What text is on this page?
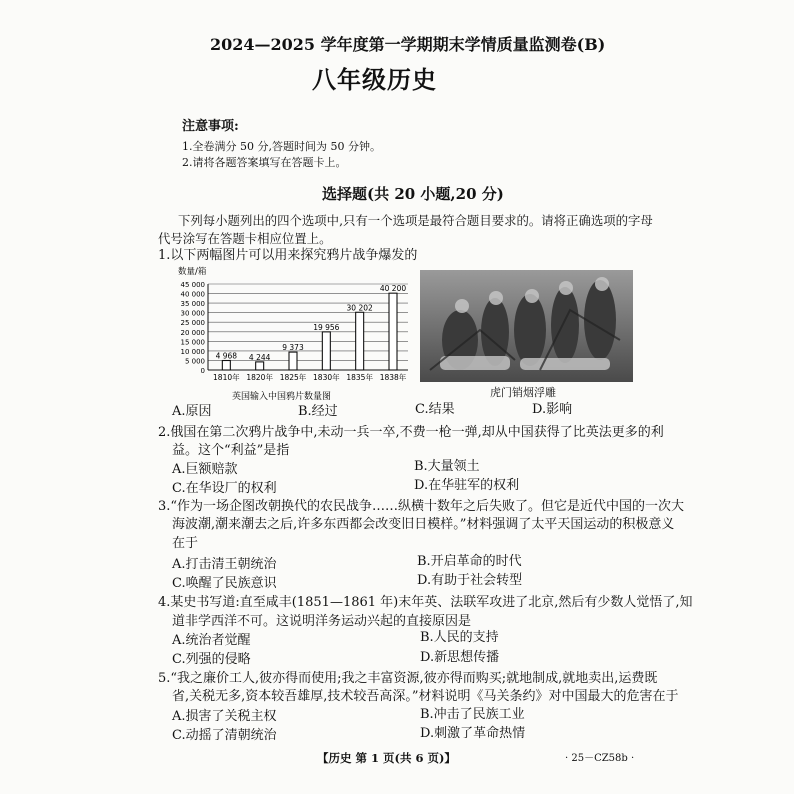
2024—2025 学年度第一学期期末学情质量监测卷(B)
八年级历史
注意事项:
1.全卷满分 50 分,答题时间为 50 分钟。
2.请将各题答案填写在答题卡上。
选择题(共 20 小题,20 分)
下列每小题列出的四个选项中,只有一个选项是最符合题目要求的。请将正确选项的字母
代号涂写在答题卡相应位置上。
1.以下两幅图片可以用来探究鸦片战争爆发的
数量/箱
45 000
40 000
35 000
30 000
25 000
20 000
15 000
10 000
5 000
0
4 968 4 244
9 373
19 956
30 202
40 200
1810年 1820年 1825年 1830年 1835年 1838年
英国输入中国鸦片数量图	虎门销烟浮雕
A.原因	B.经过	C.结果	D.影响
2.俄国在第二次鸦片战争中,未动一兵一卒,不费一枪一弹,却从中国获得了比英法更多的利
益。这个“利益”是指
A.巨额赔款	B.大量领土
C.在华设厂的权利	D.在华驻军的权利
3.“作为一场企图改朝换代的农民战争……纵横十数年之后失败了。但它是近代中国的一次大
海波潮,潮来潮去之后,许多东西都会改变旧日模样。”材料强调了太平天国运动的积极意义
在于
A.打击清王朝统治	B.开启革命的时代
C.唤醒了民族意识	D.有助于社会转型
4.某史书写道:直至咸丰(1851—1861 年)末年英、法联军攻进了北京,然后有少数人觉悟了,知
道非学西洋不可。这说明洋务运动兴起的直接原因是
A.统治者觉醒	B.人民的支持
C.列强的侵略	D.新思想传播
5.“我之廉价工人,彼亦得而使用;我之丰富资源,彼亦得而购买;就地制成,就地卖出,运费既
省,关税无多,资本较吾雄厚,技术较吾高深。”材料说明《马关条约》对中国最大的危害在于
A.损害了关税主权	B.冲击了民族工业
C.动摇了清朝统治	D.刺激了革命热情
【历史 第 1 页(共 6 页)】	· 25－CZ58b ·
